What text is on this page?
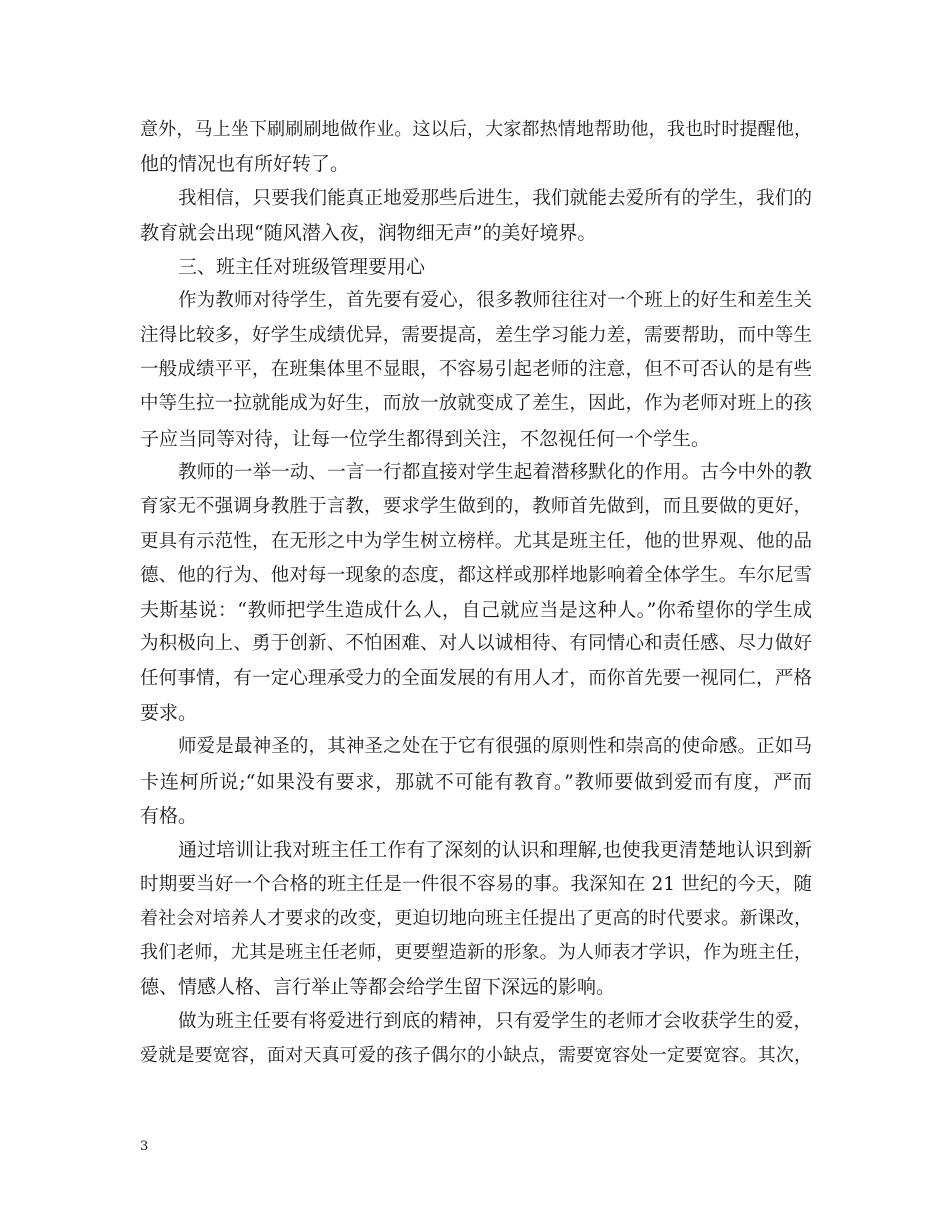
意外，马上坐下刷刷刷地做作业。这以后，大家都热情地帮助他，我也时时提醒他，
他的情况也有所好转了。
我相信，只要我们能真正地爱那些后进生，我们就能去爱所有的学生，我们的
教育就会出现“随风潜入夜，润物细无声”的美好境界。
三、班主任对班级管理要用心
作为教师对待学生，首先要有爱心，很多教师往往对一个班上的好生和差生关
注得比较多，好学生成绩优异，需要提高，差生学习能力差，需要帮助，而中等生
一般成绩平平，在班集体里不显眼，不容易引起老师的注意，但不可否认的是有些
中等生拉一拉就能成为好生，而放一放就变成了差生，因此，作为老师对班上的孩
子应当同等对待，让每一位学生都得到关注，不忽视任何一个学生。
教师的一举一动、一言一行都直接对学生起着潜移默化的作用。古今中外的教
育家无不强调身教胜于言教，要求学生做到的，教师首先做到，而且要做的更好，
更具有示范性，在无形之中为学生树立榜样。尤其是班主任，他的世界观、他的品
德、他的行为、他对每一现象的态度，都这样或那样地影响着全体学生。车尔尼雪
夫斯基说：“教师把学生造成什么人，自己就应当是这种人。”你希望你的学生成
为积极向上、勇于创新、不怕困难、对人以诚相待、有同情心和责任感、尽力做好
任何事情，有一定心理承受力的全面发展的有用人才，而你首先要一视同仁，严格
要求。
师爱是最神圣的，其神圣之处在于它有很强的原则性和崇高的使命感。正如马
卡连柯所说;“如果没有要求，那就不可能有教育。”教师要做到爱而有度，严而
有格。
通过培训让我对班主任工作有了深刻的认识和理解,也使我更清楚地认识到新
时期要当好一个合格的班主任是一件很不容易的事。我深知在 21 世纪的今天，随
着社会对培养人才要求的改变，更迫切地向班主任提出了更高的时代要求。新课改，
我们老师，尤其是班主任老师，更要塑造新的形象。为人师表才学识，作为班主任，
德、情感人格、言行举止等都会给学生留下深远的影响。
做为班主任要有将爱进行到底的精神，只有爱学生的老师才会收获学生的爱，
爱就是要宽容，面对天真可爱的孩子偶尔的小缺点，需要宽容处一定要宽容。其次，
3
